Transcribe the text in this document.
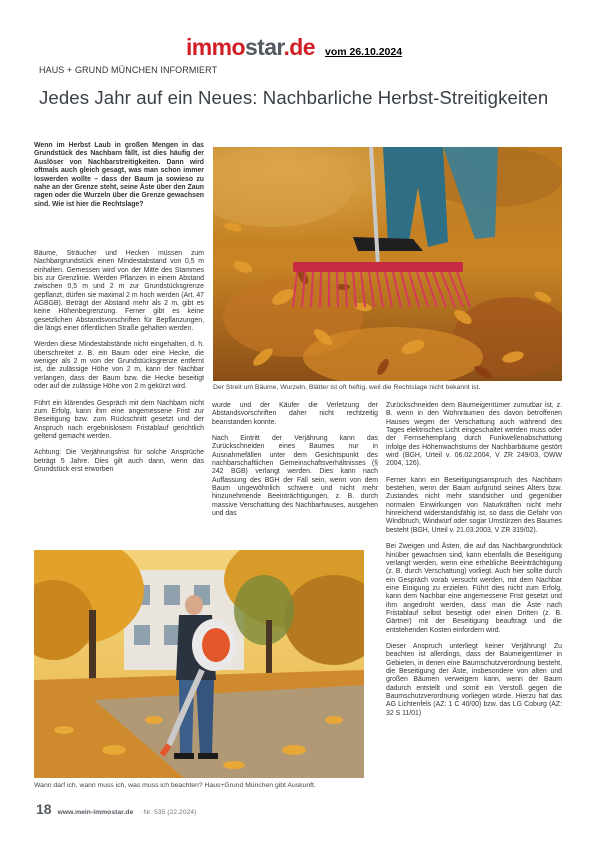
immostar.de vom 26.10.2024
HAUS + GRUND MÜNCHEN INFORMIERT
Jedes Jahr auf ein Neues: Nachbarliche Herbst-Streitigkeiten
Wenn im Herbst Laub in großen Mengen in das Grundstück des Nachbarn fällt, ist dies häufig der Auslöser von Nachbarstreitigkeiten. Dann wird oftmals auch gleich gesagt, was man schon immer loswerden wollte – dass der Baum ja sowieso zu nahe an der Grenze steht, seine Äste über den Zaun ragen oder die Wurzeln über die Grenze gewachsen sind. Wie ist hier die Rechtslage?

Bäume, Sträucher und Hecken müssen zum Nachbargrundstück einen Mindestabstand von 0,5 m einhalten. Gemessen wird von der Mitte des Stammes bis zur Grenzlinie. Werden Pflanzen in einem Abstand zwischen 0,5 m und 2 m zur Grundstücksgrenze gepflanzt, dürfen sie maximal 2 m hoch werden (Art. 47 AGBGB). Beträgt der Abstand mehr als 2 m, gibt es keine Höhenbegrenzung. Ferner gibt es keine gesetzlichen Abstandsvorschriften für Bepflanzungen, die längs einer öffentlichen Straße gehalten werden.

Werden diese Mindestabstände nicht eingehalten, d. h. überschreitet z. B. ein Baum oder eine Hecke, die weniger als 2 m von der Grundstücksgrenze entfernt ist, die zulässige Höhe von 2 m, kann der Nachbar verlangen, dass der Baum bzw. die Hecke beseitigt oder auf die zulässige Höhe von 2 m gekürzt wird.

Führt ein klärendes Gespräch mit dem Nachbarn nicht zum Erfolg, kann ihm eine angemessene Frist zur Beseitigung bzw. zum Rückschnitt gesetzt und der Anspruch nach ergebnislosem Fristablauf gerichtlich geltend gemacht werden.

Achtung: Die Verjährungsfrist für solche Ansprüche beträgt 5 Jahre. Dies gilt auch dann, wenn das Grundstück erst erworben

Der Streit um Bäume, Wurzeln, Blätter ist oft heftig, weil die Rechtslage nicht bekannt ist.

wurde und der Käufer die Verletzung der Abstandsvorschriften daher nicht rechtzeitig beanstanden konnte.

Nach Eintritt der Verjährung kann das Zurückschneiden eines Baumes nur in Ausnahmefällen unter dem Gesichtspunkt des nachbarschaftlichen Gemeinschaftsverhältnisses (§ 242 BGB) verlangt werden. Dies kann nach Auffassung des BGH der Fall sein, wenn von dem Baum ungewöhnlich schwere und nicht mehr hinzunehmende Beeinträchtigungen, z. B. durch massive Verschattung des Nachbarhauses, ausgehen und das

Zurückschneiden dem Baumeigentümer zumutbar ist, z. B. wenn in den Wohnräumen des davon betroffenen Hauses wegen der Verschattung auch während des Tages elektrisches Licht eingeschaltet werden muss oder der Fernsehempfang durch Funkwellenabschattung infolge des Höhenwachstums der Nachbarbäume gestört wird (BGH, Urteil v. 06.02.2004, V ZR 249/03, DWW 2004, 126).

Ferner kann ein Beseitigungsanspruch des Nachbarn bestehen, wenn der Baum aufgrund seines Alters bzw. Zustandes nicht mehr standsicher und gegenüber normalen Einwirkungen von Naturkräften nicht mehr hinreichend widerstandsfähig ist, so dass die Gefahr von Windbruch, Windwurf oder sogar Umstürzen des Baumes besteht (BGH, Urteil v. 21.03.2003, V ZR 319/02).

Bei Zweigen und Ästen, die auf das Nachbargrundstück hinüber gewachsen sind, kann ebenfalls die Beseitigung verlangt werden, wenn eine erhebliche Beeinträchtigung (z. B. durch Verschattung) vorliegt. Auch hier sollte durch ein Gespräch vorab versucht werden, mit dem Nachbar eine Einigung zu erzielen. Führt dies nicht zum Erfolg, kann dem Nachbar eine angemessene Frist gesetzt und ihm angedroht werden, dass man die Äste nach Fristablauf selbst beseitigt oder einen Dritten (z. B. Gärtner) mit der Beseitigung beauftragt und die entstehenden Kosten einfordern wird.

Dieser Anspruch unterliegt keiner Verjährung! Zu beachten ist allerdings, dass der Baumeigentümer in Gebieten, in denen eine Baumschutzverordnung besteht, die Beseitigung der Äste, insbesondere von alten und großen Bäumen verweigern kann, wenn der Baum dadurch entstellt und somit ein Verstoß gegen die Baumschutzverordnung vorliegen würde. Hierzu hat das AG Lichtenfels (AZ: 1 C 40/00) bzw. das LG Coburg (AZ: 32 S 11/01)

Wann darf ich, wann muss ich, was muss ich beachten? Haus+Grund München gibt Auskunft.
18 www.mein-immostar.de · Nr. 535 (22.2024)
